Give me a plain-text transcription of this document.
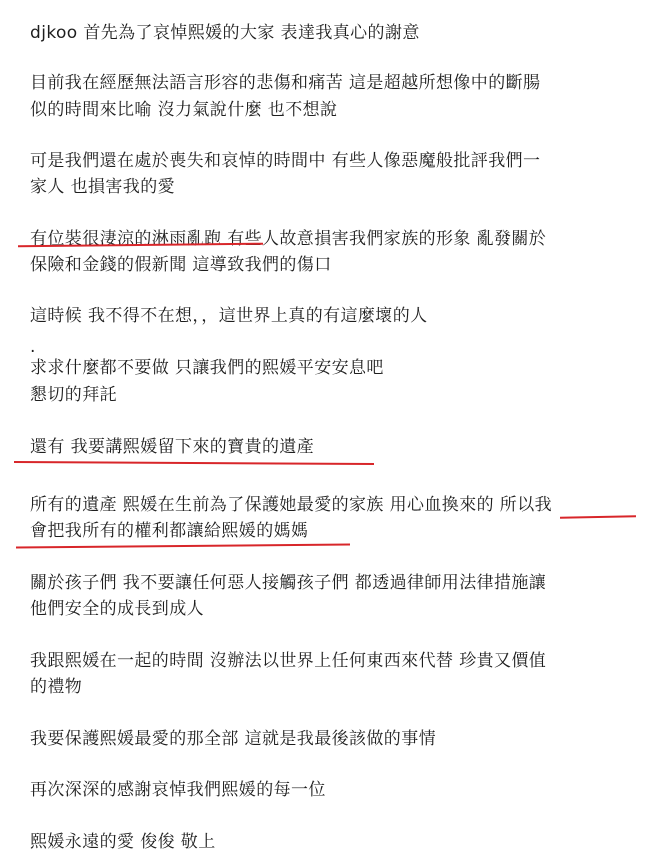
djkoo 首先為了哀悼熙媛的大家 表達我真心的謝意
目前我在經歷無法語言形容的悲傷和痛苦 這是超越所想像中的斷腸
似的時間來比喻 沒力氣說什麼 也不想說
可是我們還在處於喪失和哀悼的時間中 有些人像惡魔般批評我們一
家人 也損害我的愛
有位裝很淒涼的淋雨亂跑 有些人故意損害我們家族的形象 亂發關於
保險和金錢的假新聞 這導致我們的傷口
這時候 我不得不在想，，這世界上真的有這麼壞的人
.
求求什麼都不要做 只讓我們的熙媛平安安息吧
懇切的拜託
還有 我要講熙媛留下來的寶貴的遺產
所有的遺產 熙媛在生前為了保護她最愛的家族 用心血換來的 所以我
會把我所有的權利都讓給熙媛的媽媽
關於孩子們 我不要讓任何惡人接觸孩子們 都透過律師用法律措施讓
他們安全的成長到成人
我跟熙媛在一起的時間 沒辦法以世界上任何東西來代替 珍貴又價值
的禮物
我要保護熙媛最愛的那全部 這就是我最後該做的事情
再次深深的感謝哀悼我們熙媛的每一位
熙媛永遠的愛 俊俊 敬上
